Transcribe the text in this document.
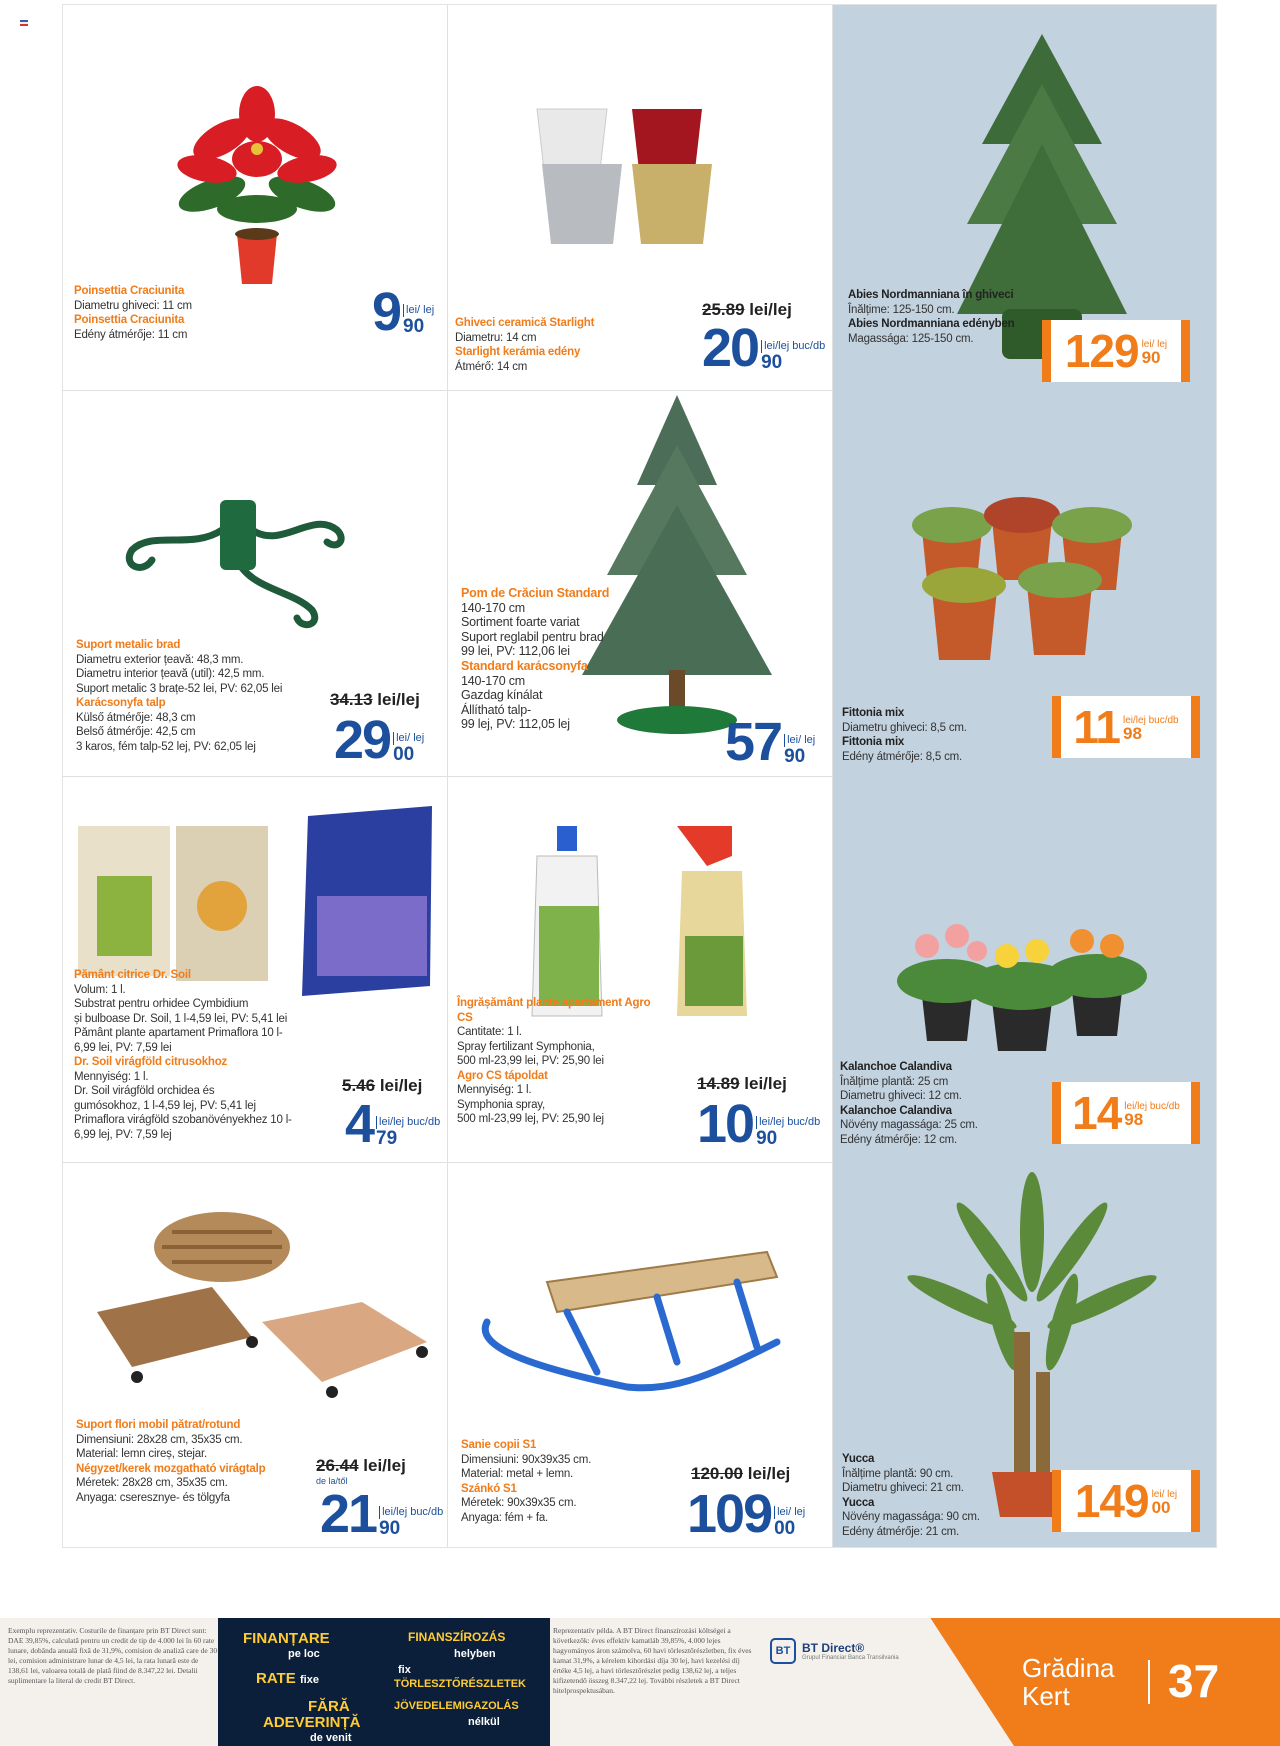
Poinsettia Craciunita
Diametru ghiveci: 11 cm
Poinsettia Craciunita
Edény átmérője: 11 cm	9 lei/ lej
90
25.89 lei/lej
Ghiveci ceramică Starlight
Diametru: 14 cm
Starlight kerámia edény
Átmérő: 14 cm	20 lei/lej buc/db
90
Abies Nordmanniana în ghiveci
Înălțime: 125-150 cm.
Abies Nordmanniana edényben
Magassága: 125-150 cm.	129 lei/ lej
90
Suport metalic brad
Diametru exterior țeavă: 48,3 mm.
Diametru interior țeavă (util): 42,5 mm.
Suport metalic 3 brațe-52 lei, PV: 62,05 lei
Karácsonyfa talp
Külső átmérője: 48,3 cm
Belső átmérője: 42,5 cm
3 karos, fém talp-52 lej, PV: 62,05 lej
34.13 lei/lej
29 lei/ lej
00
Pom de Crăciun Standard
140-170 cm
Sortiment foarte variat
Suport reglabil pentru brad
99 lei, PV: 112,06 lei
Standard karácsonyfa
140-170 cm
Gazdag kínálat
Állítható talp-
99 lej, PV: 112,05 lej	57 lei/ lej
90
Fittonia mix
Diametru ghiveci: 8,5 cm.
Fittonia mix
Edény átmérője: 8,5 cm.
11 lei/lej buc/db
98
Pământ citrice Dr. Soil
Volum: 1 l.
Substrat pentru orhidee Cymbidium
și bulboase Dr. Soil, 1 l-4,59 lei, PV: 5,41 lei
Pământ plante apartament Primaflora 10 l-
6,99 lei, PV: 7,59 lei
Dr. Soil virágföld citrusokhoz
Mennyiség: 1 l.
Dr. Soil virágföld orchidea és
gumósokhoz, 1 l-4,59 lej, PV: 5,41 lej
Primaflora virágföld szobanövényekhez 10 l-
6,99 lej, PV: 7,59 lej
5.46 lei/lej
4 lei/lej buc/db
79
Îngrășământ plante apartament Agro CS
Cantitate: 1 l.
Spray fertilizant Symphonia,
500 ml-23,99 lei, PV: 25,90 lei
Agro CS tápoldat
Mennyiség: 1 l.
Symphonia spray,
500 ml-23,99 lej, PV: 25,90 lej
14.89 lei/lej
10 lei/lej buc/db
90
Kalanchoe Calandiva
Înălțime plantă: 25 cm
Diametru ghiveci: 12 cm.
Kalanchoe Calandiva
Növény magassága: 25 cm.
Edény átmérője: 12 cm.
14 lei/lej buc/db
98
Suport flori mobil pătrat/rotund
Dimensiuni: 28x28 cm, 35x35 cm.
Material: lemn cireș, stejar.
Négyzet/kerek mozgatható virágtalp
Méretek: 28x28 cm, 35x35 cm.
Anyaga: cseresznye- és tölgyfa
26.44 lei/lej
de la/től
21 lei/lej buc/db
90
Sanie copii S1
Dimensiuni: 90x39x35 cm.
Material: metal + lemn.
Szánkó S1
Méretek: 90x39x35 cm.
Anyaga: fém + fa.
120.00 lei/lej
109 lei/ lej
00
Yucca
Înălțime plantă: 90 cm.
Diametru ghiveci: 21 cm.
Yucca
Növény magassága: 90 cm.
Edény átmérője: 21 cm.
149 lei/ lej
00
Exemplu reprezentativ. Costurile de finanțare prin BT Direct sunt: DAE 39,85%, calculată pentru un credit de tip de 4.000 lei în 60 rate lunare, dobânda anuală fixă de 31,9%, comision de analiză care de 30 lei, comision administrare lunar de 4,5 lei, la rata lunară este de 138,61 lei, valoarea totală de plată fiind de 8.347,22 lei. Detalii suplimentare la literal de credit BT Direct.
FINANȚARE
pe loc
RATE fixe
FĂRĂ
ADEVERINȚĂ
de venit
FINANSZÍROZÁS
helyben
fix
TÖRLESZTŐRÉSZLETEK
JÖVEDELEMIGAZOLÁS
nélkül
Reprezentatív példa. A BT Direct finanszírozási költségei a következők: éves effektív kamatláb 39,85%, 4.000 lejes hagyományos áron számolva, 60 havi törlesztőrészletben, fix éves kamat 31,9%, a kérelem kihordási díja 30 lej, havi kezelési díj értéke 4,5 lej, a havi törlesztőrészlet pedig 138,62 lej, a teljes kifizetendő összeg 8.347,22 lej. További részletek a BT Direct hitelprospektusában.
BT BT Direct®
Grupul Financiar Banca Transilvania	Grădina
Kert	37
